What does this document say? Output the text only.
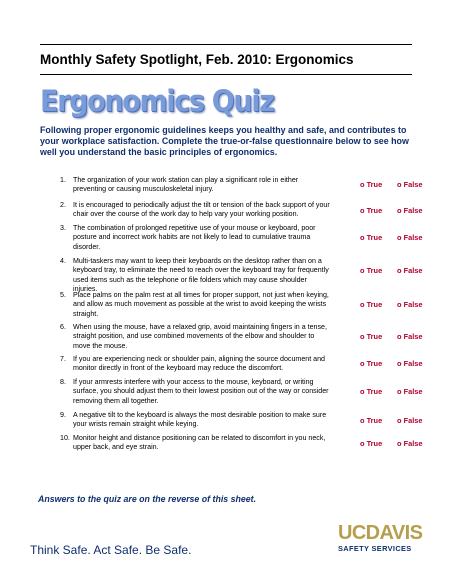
Monthly Safety Spotlight, Feb. 2010: Ergonomics
Ergonomics Quiz
Following proper ergonomic guidelines keeps you healthy and safe, and contributes to your workplace satisfaction. Complete the true-or-false questionnaire below to see how well you understand the basic principles of ergonomics.
1. The organization of your work station can play a significant role in either preventing or causing musculoskeletal injury.
o True o False
2. It is encouraged to periodically adjust the tilt or tension of the back support of your chair over the course of the work day to help vary your working position.	o True o False
3. The combination of prolonged repetitive use of your mouse or keyboard, poor posture and incorrect work habits are not likely to lead to cumulative trauma disorder.
o True o False
4. Multi-taskers may want to keep their keyboards on the desktop rather than on a keyboard tray, to eliminate the need to reach over the keyboard tray for frequently used items such as the telephone or file folders which may cause shoulder injuries.
o True o False
5. Place palms on the palm rest at all times for proper support, not just when keying, and allow as much movement as possible at the wrist to avoid keeping the wrists straight.
o True o False
6. When using the mouse, have a relaxed grip, avoid maintaining fingers in a tense, straight position, and use combined movements of the elbow and shoulder to move the mouse.
o True o False
7. If you are experiencing neck or shoulder pain, aligning the source document and monitor directly in front of the keyboard may reduce the discomfort.
o True o False
8. If your armrests interfere with your access to the mouse, keyboard, or writing surface, you should adjust them to their lowest position out of the way or consider removing them all together.
o True o False
9. A negative tilt to the keyboard is always the most desirable position to make sure your wrists remain straight while keying.	o True o False
10. Monitor height and distance positioning can be related to discomfort in you neck, upper back, and eye strain.	o True o False
Answers to the quiz are on the reverse of this sheet.
Think Safe. Act Safe. Be Safe.
UCDAVIS
SAFETY SERVICES
